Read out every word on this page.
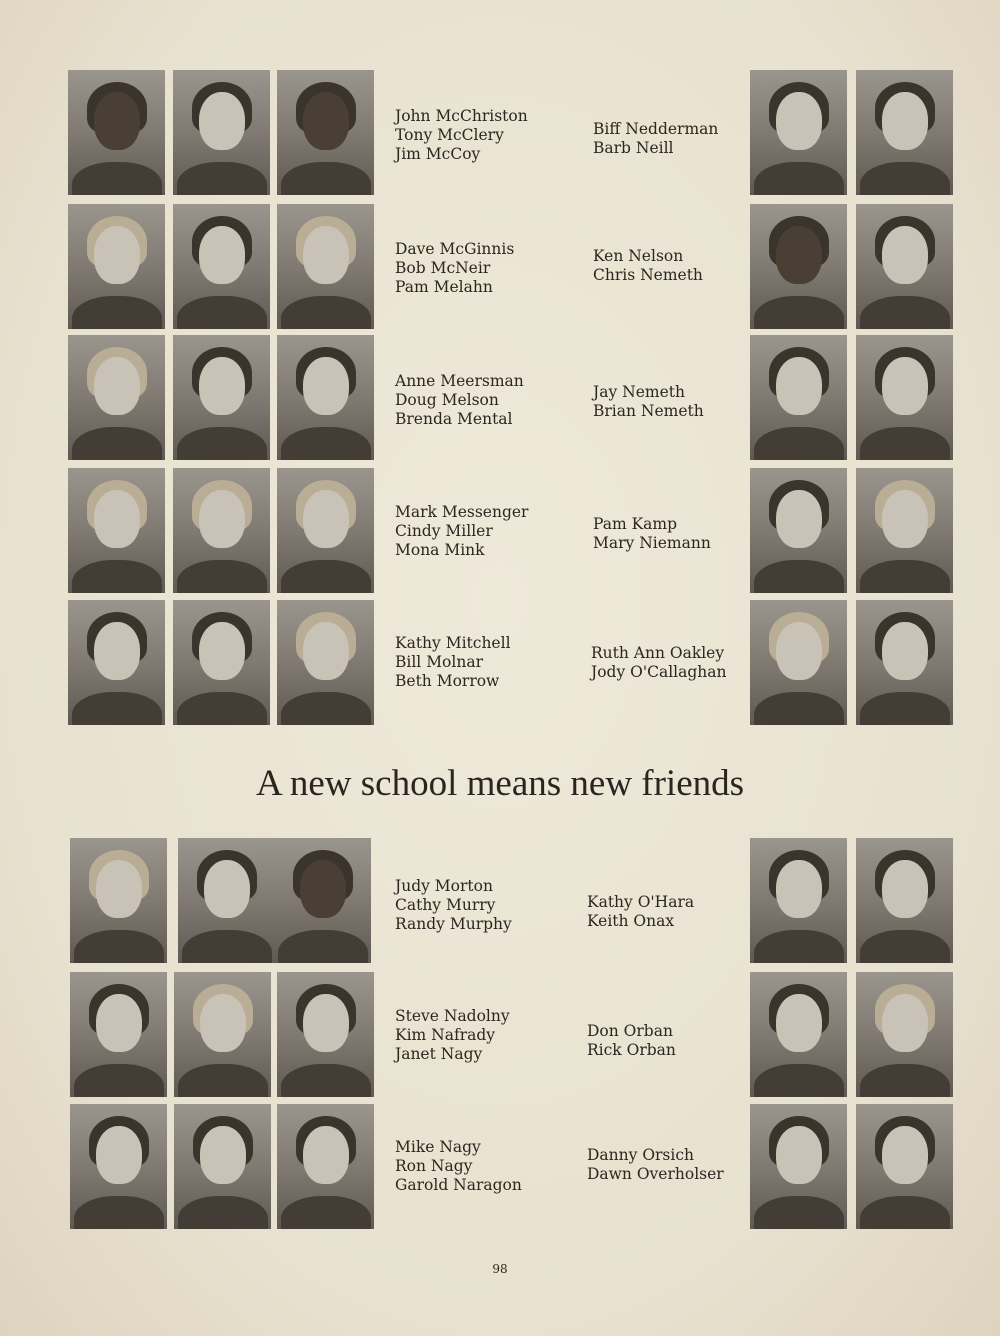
John McChriston
Tony McClery
Jim McCoy
Dave McGinnis
Bob McNeir
Pam Melahn
Anne Meersman
Doug Melson
Brenda Mental
Mark Messenger
Cindy Miller
Mona Mink
Kathy Mitchell
Bill Molnar
Beth Morrow
Biff Nedderman
Barb Neill
Ken Nelson
Chris Nemeth
Jay Nemeth
Brian Nemeth
Pam Kamp
Mary Niemann
Ruth Ann Oakley
Jody O'Callaghan
A new school means new friends
Judy Morton
Cathy Murry
Randy Murphy
Steve Nadolny
Kim Nafrady
Janet Nagy
Mike Nagy
Ron Nagy
Garold Naragon
Kathy O'Hara
Keith Onax
Don Orban
Rick Orban
Danny Orsich
Dawn Overholser
98
